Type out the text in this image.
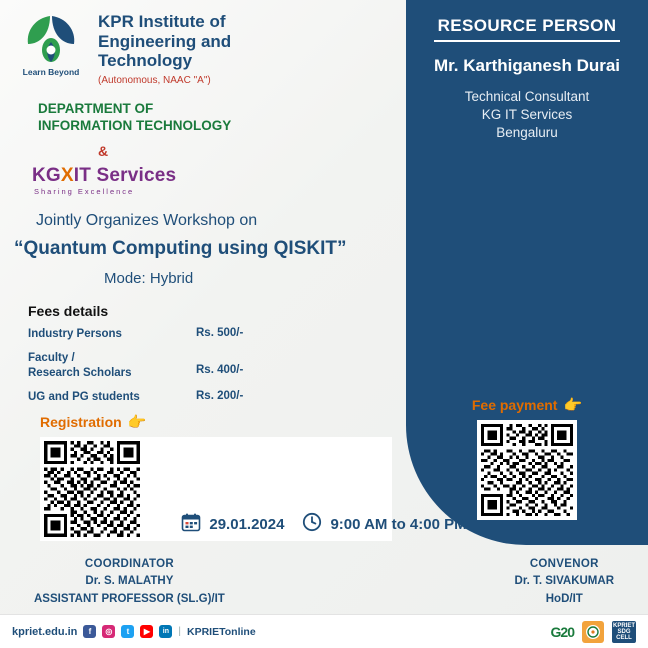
RESOURCE PERSON
Mr. Karthiganesh Durai
Technical Consultant
KG IT Services
Bengaluru
Learn Beyond
KPR Institute of
Engineering and
Technology
(Autonomous, NAAC "A")
DEPARTMENT OF
INFORMATION TECHNOLOGY
&
KGXIT Services
Sharing Excellence
Jointly Organizes Workshop on
“Quantum Computing using QISKIT”
Mode: Hybrid
Fees details
Industry Persons	Rs. 500/-
Faculty /
Research Scholars	Rs. 400/-
UG and PG students	Rs. 200/-
Registration 👉
Fee payment 👉
29.01.2024	9:00 AM to 4:00 PM
COORDINATOR
Dr. S. MALATHY
ASSISTANT PROFESSOR (SL.G)/IT
CONVENOR
Dr. T. SIVAKUMAR
HoD/IT
kpriet.edu.in	f	◎	t	▶	in | KPRIETonline	G20	KPRIET
SDG
CELL
